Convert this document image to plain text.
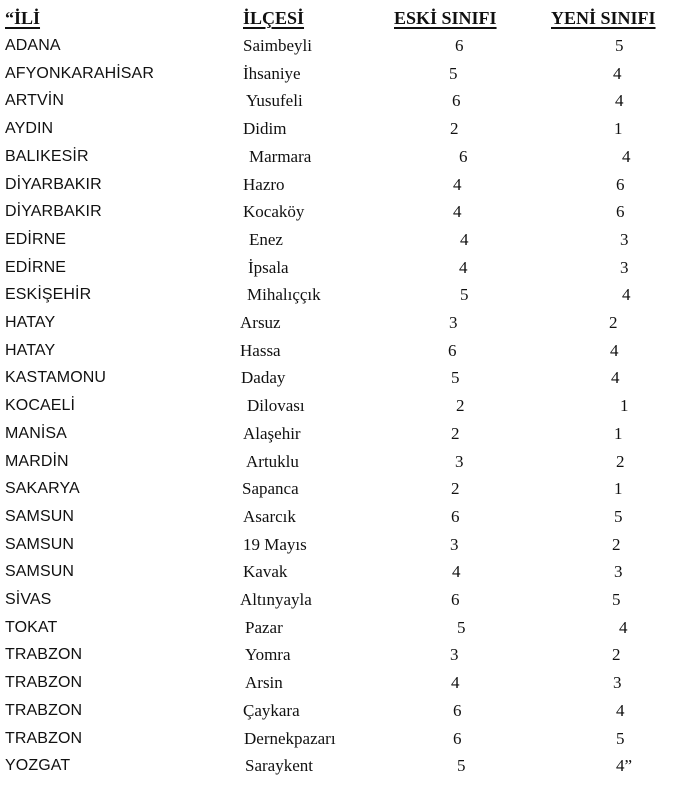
“İLİ	İLÇESİ	ESKİ SINIFI	YENİ SINIFI
ADANA	Saimbeyli	6	5
AFYONKARAHİSAR	İhsaniye	5	4
ARTVİN	Yusufeli	6	4
AYDIN	Didim	2	1
BALIKESİR	Marmara	6	4
DİYARBAKIR	Hazro	4	6
DİYARBAKIR	Kocaköy	4	6
EDİRNE	Enez	4	3
EDİRNE	İpsala	4	3
ESKİŞEHİR	Mihalıççık	5	4
HATAY	Arsuz	3	2
HATAY	Hassa	6	4
KASTAMONU	Daday	5	4
KOCAELİ	Dilovası	2	1
MANİSA	Alaşehir	2	1
MARDİN	Artuklu	3	2
SAKARYA	Sapanca	2	1
SAMSUN	Asarcık	6	5
SAMSUN	19 Mayıs	3	2
SAMSUN	Kavak	4	3
SİVAS	Altınyayla	6	5
TOKAT	Pazar	5	4
TRABZON	Yomra	3	2
TRABZON	Arsin	4	3
TRABZON	Çaykara	6	4
TRABZON	Dernekpazarı	6	5
YOZGAT	Saraykent	5	4”
